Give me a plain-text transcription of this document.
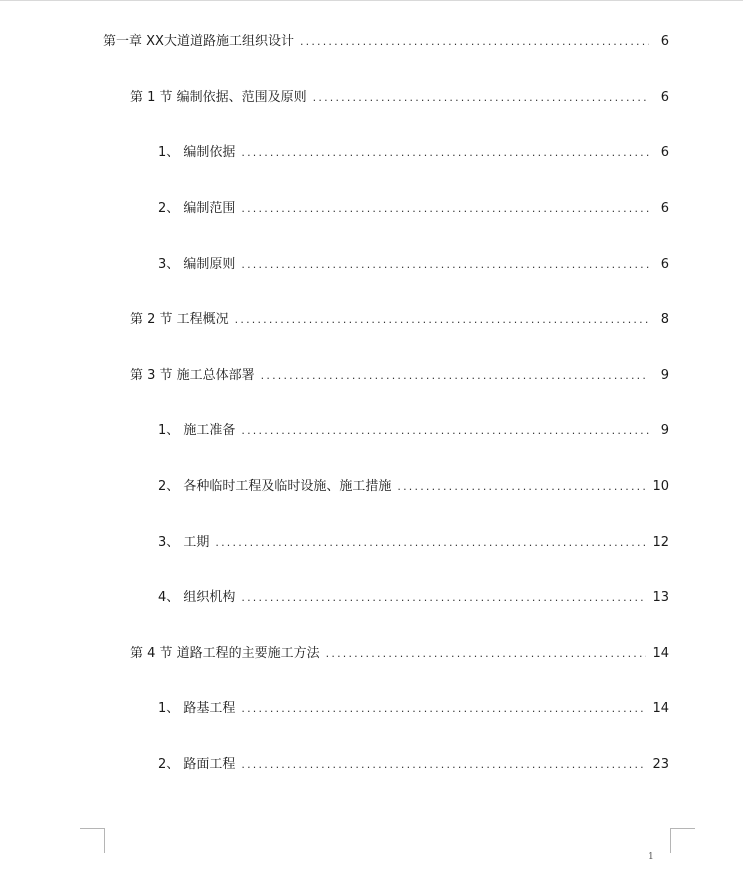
第一章 XX大道道路施工组织设计 .....	6
第 1 节 编制依据、范围及原则 .....	6
1、 编制依据 .....	6
2、 编制范围 .....	6
3、 编制原则 .....	6
第 2 节 工程概况 .....	8
第 3 节 施工总体部署 .....	9
1、 施工准备 .....	9
2、 各种临时工程及临时设施、施工措施 .....	10
3、 工期 .....	12
4、 组织机构 .....	13
第 4 节 道路工程的主要施工方法 .....	14
1、 路基工程 .....	14
2、 路面工程 .....	23
1
